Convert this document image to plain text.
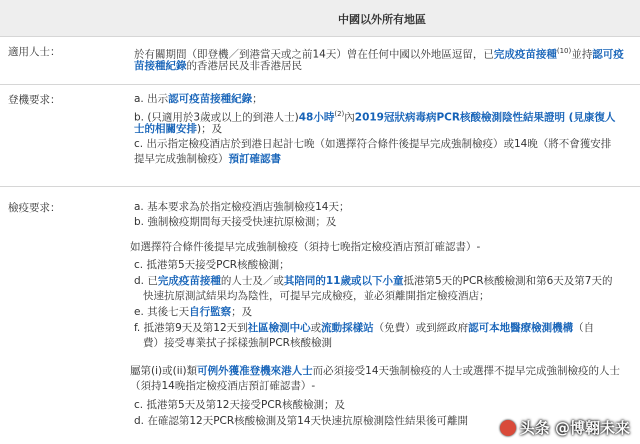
中國以外所有地區
適用人士：	於有關期間（即登機／到港當天或之前14天）曾在任何中國以外地區逗留，已完成疫苗接種$^{(10)}$並持認可疫
苗接種紀錄的香港居民及非香港居民
登機要求：	a. 出示認可疫苗接種紀錄；
b. (只適用於3歲或以上的到港人士)48小時$^{(2)}$內2019冠狀病毒病PCR核酸檢測陰性結果證明 (見康復人
士的相關安排)；及
c. 出示指定檢疫酒店於到港日起計七晚（如選擇符合條件後提早完成強制檢疫）或14晚（將不會獲安排
提早完成強制檢疫）預訂確認書
檢疫要求：	a. 基本要求為於指定檢疫酒店強制檢疫14天；
b. 強制檢疫期間每天接受快速抗原檢測；及
如選擇符合條件後提早完成強制檢疫（須持七晚指定檢疫酒店預訂確認書）-
c. 抵港第5天接受PCR核酸檢測；
d. 已完成疫苗接種的人士及／或其陪同的11歲或以下小童抵港第5天的PCR核酸檢測和第6天及第7天的
快速抗原測試結果均為陰性，可提早完成檢疫，並必須離開指定檢疫酒店；
e. 其後七天自行監察；及
f. 抵港第9天及第12天到社區檢測中心或流動採樣站（免費）或到經政府認可本地醫療檢測機構（自
費）接受專業拭子採樣強制PCR核酸檢測
屬第(i)或(ii)類可例外獲准登機來港人士而必須接受14天強制檢疫的人士或選擇不提早完成強制檢疫的人士
（須持14晚指定檢疫酒店預訂確認書）-
c. 抵港第5天及第12天接受PCR核酸檢測；及
d. 在確認第12天PCR核酸檢測及第14天快速抗原檢測陰性結果後可離開	头条 @博翱未来
